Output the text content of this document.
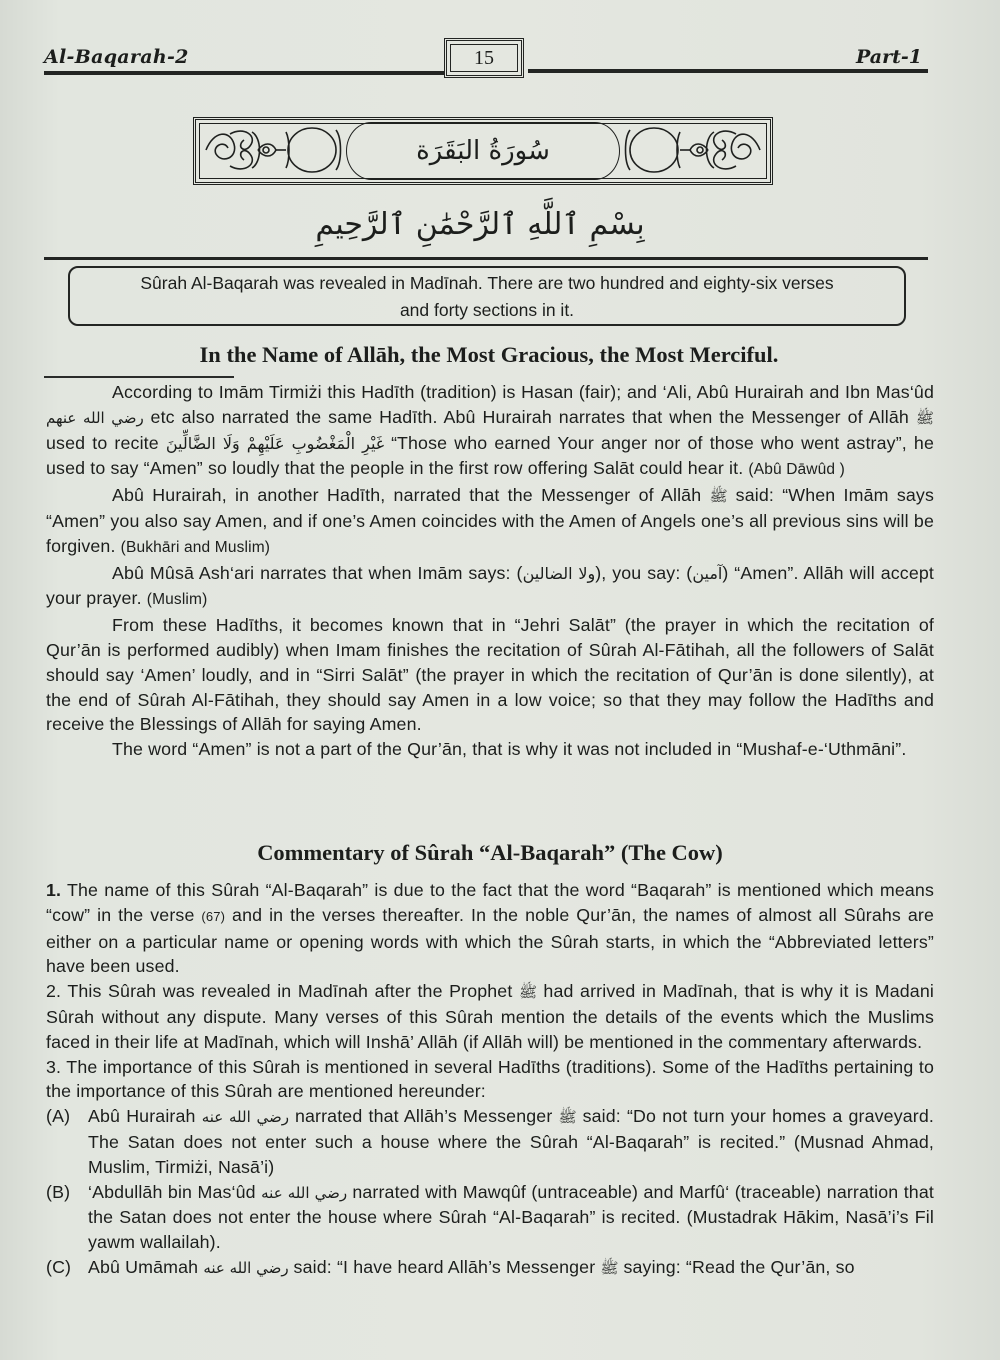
Al-Baqarah-2	15	Part-1
سُورَةُ البَقَرَة
بِسْمِ ٱللَّهِ ٱلرَّحْمَٰنِ ٱلرَّحِيمِ
Sûrah Al-Baqarah was revealed in Madīnah. There are two hundred and eighty-six verses
and forty sections in it.
In the Name of Allāh, the Most Gracious, the Most Merciful.

According to Imām Tirmiżi this Hadīth (tradition) is Hasan (fair); and ‘Ali, Abû Hurairah and Ibn Mas‘ûd رضي الله عنهم etc also narrated the same Hadīth. Abû Hurairah narrates that when the Messenger of Allāh ﷺ used to recite غَيْرِ الْمَغْضُوبِ عَلَيْهِمْ وَلَا الضَّالِّينَ “Those who earned Your anger nor of those who went astray”, he used to say “Amen” so loudly that the people in the first row offering Salāt could hear it. (Abû Dāwûd )

Abû Hurairah, in another Hadīth, narrated that the Messenger of Allāh ﷺ said: “When Imām says “Amen” you also say Amen, and if one’s Amen coincides with the Amen of Angels one’s all previous sins will be forgiven. (Bukhāri and Muslim)

Abû Mûsā Ash‘ari narrates that when Imām says: (ولا الضالين), you say: (آمين) “Amen”. Allāh will accept your prayer. (Muslim)

From these Hadīths, it becomes known that in “Jehri Salāt” (the prayer in which the recitation of Qur’ān is performed audibly) when Imam finishes the recitation of Sûrah Al-Fātihah, all the followers of Salāt should say ‘Amen’ loudly, and in “Sirri Salāt” (the prayer in which the recitation of Qur’ān is done silently), at the end of Sûrah Al-Fātihah, they should say Amen in a low voice; so that they may follow the Hadīths and receive the Blessings of Allāh for saying Amen.

The word “Amen” is not a part of the Qur’ān, that is why it was not included in “Mushaf-e-‘Uthmāni”.

Commentary of Sûrah “Al-Baqarah” (The Cow)

1. The name of this Sûrah “Al-Baqarah” is due to the fact that the word “Baqarah” is mentioned which means “cow” in the verse (67) and in the verses thereafter. In the noble Qur’ān, the names of almost all Sûrahs are either on a particular name or opening words with which the Sûrah starts, in which the “Abbreviated letters” have been used.

2. This Sûrah was revealed in Madīnah after the Prophet ﷺ had arrived in Madīnah, that is why it is Madani Sûrah without any dispute. Many verses of this Sûrah mention the details of the events which the Muslims faced in their life at Madīnah, which will Inshā’ Allāh (if Allāh will) be mentioned in the commentary afterwards.

3. The importance of this Sûrah is mentioned in several Hadīths (traditions). Some of the Hadīths pertaining to the importance of this Sûrah are mentioned hereunder:

(A) Abû Hurairah رضي الله عنه narrated that Allāh’s Messenger ﷺ said: “Do not turn your homes a graveyard. The Satan does not enter such a house where the Sûrah “Al-Baqarah” is recited.” (Musnad Ahmad, Muslim, Tirmiżi, Nasā’i)

(B) ‘Abdullāh bin Mas‘ûd رضي الله عنه narrated with Mawqûf (untraceable) and Marfû‘ (traceable) narration that the Satan does not enter the house where Sûrah “Al-Baqarah” is recited. (Mustadrak Hākim, Nasā’i’s Fil yawm wallailah).

(C) Abû Umāmah رضي الله عنه said: “I have heard Allāh’s Messenger ﷺ saying: “Read the Qur’ān, so
